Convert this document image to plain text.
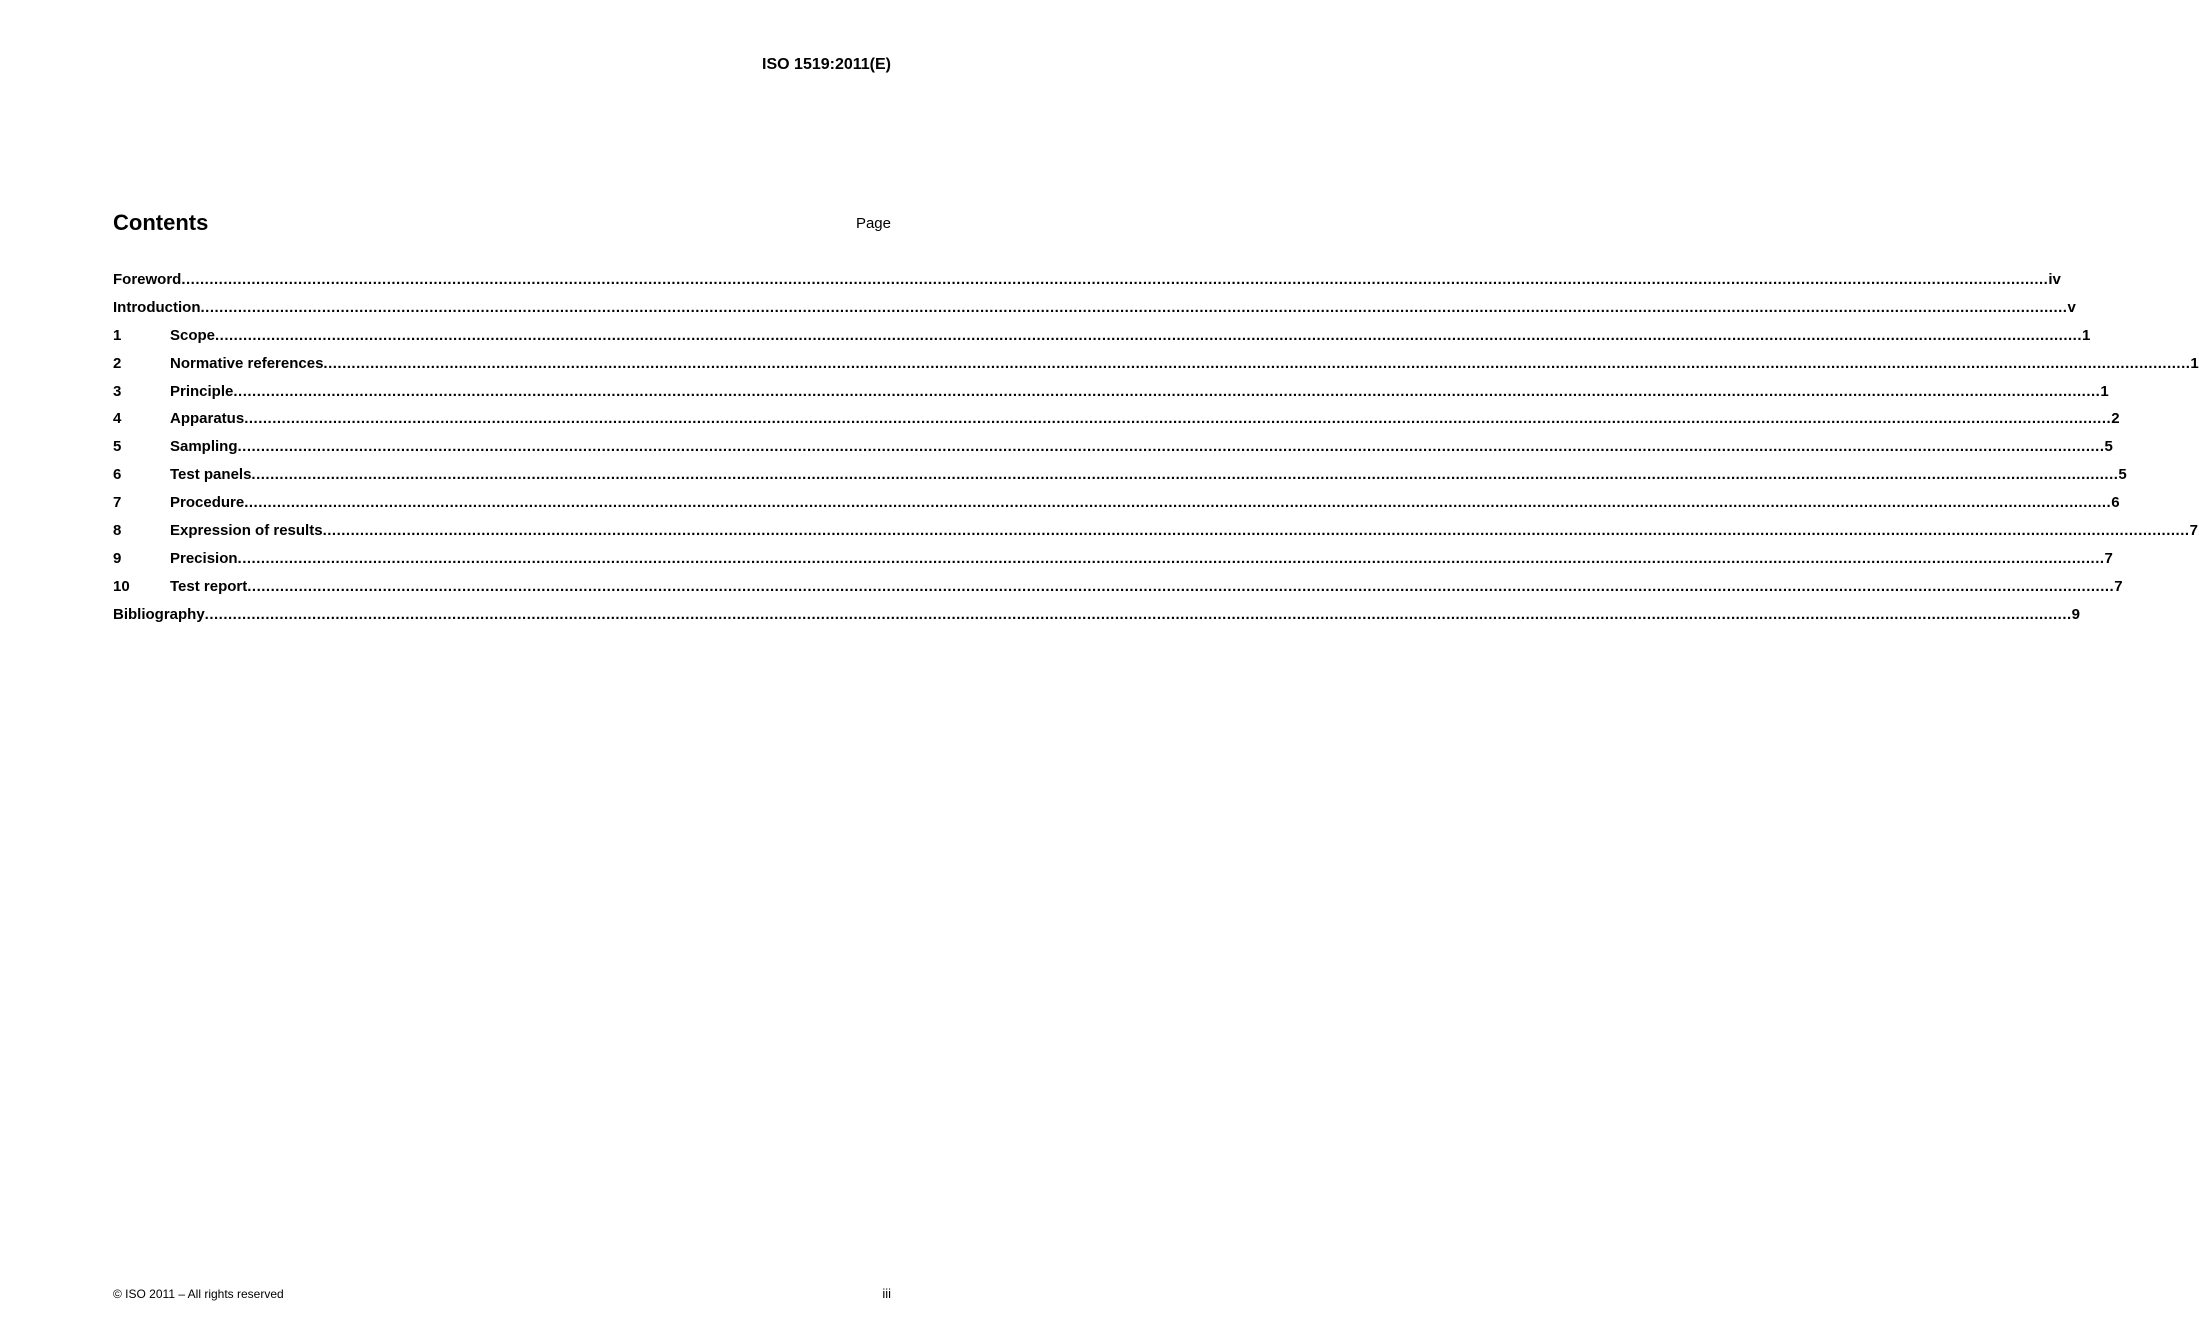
ISO 1519:2011(E)
Contents	Page
Foreword ................................................................................................................................................................................................................................................................................................................................................................................................................ iv
Introduction ................................................................................................................................................................................................................................................................................................................................................................................................................ v
1	Scope ................................................................................................................................................................................................................................................................................................................................................................................................................ 1
2	Normative references ................................................................................................................................................................................................................................................................................................................................................................................................................ 1
3	Principle ................................................................................................................................................................................................................................................................................................................................................................................................................ 1
4	Apparatus ................................................................................................................................................................................................................................................................................................................................................................................................................ 2
5	Sampling ................................................................................................................................................................................................................................................................................................................................................................................................................ 5
6	Test panels ................................................................................................................................................................................................................................................................................................................................................................................................................ 5
7	Procedure ................................................................................................................................................................................................................................................................................................................................................................................................................ 6
8	Expression of results ................................................................................................................................................................................................................................................................................................................................................................................................................ 7
9	Precision ................................................................................................................................................................................................................................................................................................................................................................................................................ 7
10	Test report ................................................................................................................................................................................................................................................................................................................................................................................................................ 7
Bibliography ................................................................................................................................................................................................................................................................................................................................................................................................................ 9
© ISO 2011 – All rights reserved	iii
